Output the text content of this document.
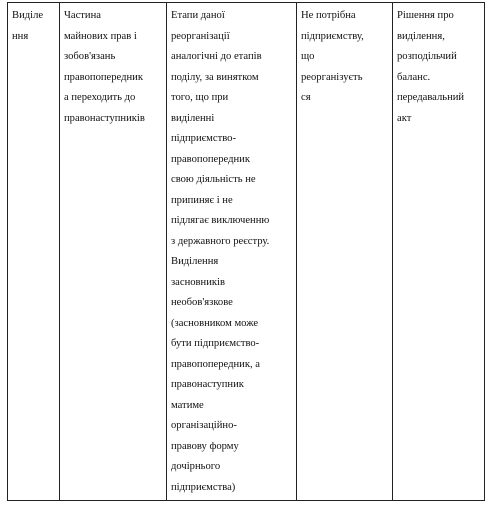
Виділе
ння	Частина
майнових прав і
зобов'язань
правопопередник
а переходить до
правонаступників	Етапи даної
реорганізації
аналогічні до етапів
поділу, за винятком
того, що при
виділенні
підприємство-
правопопередник
свою діяльність не
припиняє і не
підлягає виключенню
з державного реєстру.
Виділення
засновників
необов'язкове
(засновником може
бути підприємство-
правопопередник, а
правонаступник
матиме
організаційно-
правову форму
дочірнього
підприємства)	Не потрібна
підприємству,
що
реорганізуєть
ся	Рішення про
виділення,
розподільчий
баланс.
передавальний
акт
